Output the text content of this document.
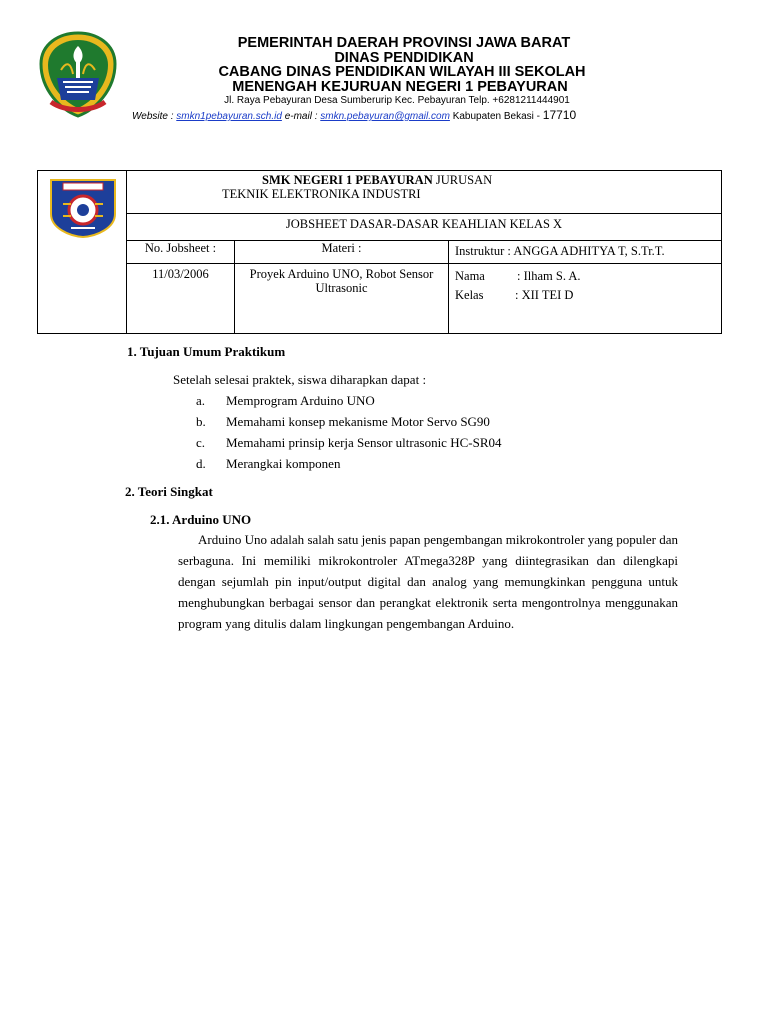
PEMERINTAH DAERAH PROVINSI JAWA BARAT
DINAS PENDIDIKAN
CABANG DINAS PENDIDIKAN WILAYAH III SEKOLAH
MENENGAH KEJURUAN NEGERI 1 PEBAYURAN
Jl. Raya Pebayuran Desa Sumberurip Kec. Pebayuran Telp. +6281211444901
Website : smkn1pebayuran.sch.id e-mail : smkn.pebayuran@gmail.com Kabupaten Bekasi - 17710

	SMK NEGERI 1 PEBAYURAN JURUSAN
TEKNIK ELEKTRONIKA INDUSTRI		

	JOBSHEET DASAR-DASAR KEAHLIAN KELAS X		
	No. Jobsheet :	Materi :	Instruktur : ANGGA ADHITYA T, S.Tr.T.
	11/03/2006	Proyek Arduino UNO, Robot Sensor Ultrasonic	Nama : Ilham S. A.
Kelas : XII TEI D
1. Tujuan Umum Praktikum
Setelah selesai praktek, siswa diharapkan dapat :
a. Memprogram Arduino UNO
b. Memahami konsep mekanisme Motor Servo SG90
c. Memahami prinsip kerja Sensor ultrasonic HC-SR04
d. Merangkai komponen
2. Teori Singkat
2.1. Arduino UNO
Arduino Uno adalah salah satu jenis papan pengembangan mikrokontroler yang populer dan serbaguna. Ini memiliki mikrokontroler ATmega328P yang diintegrasikan dan dilengkapi dengan sejumlah pin input/output digital dan analog yang memungkinkan pengguna untuk menghubungkan berbagai sensor dan perangkat elektronik serta mengontrolnya menggunakan program yang ditulis dalam lingkungan pengembangan Arduino.
